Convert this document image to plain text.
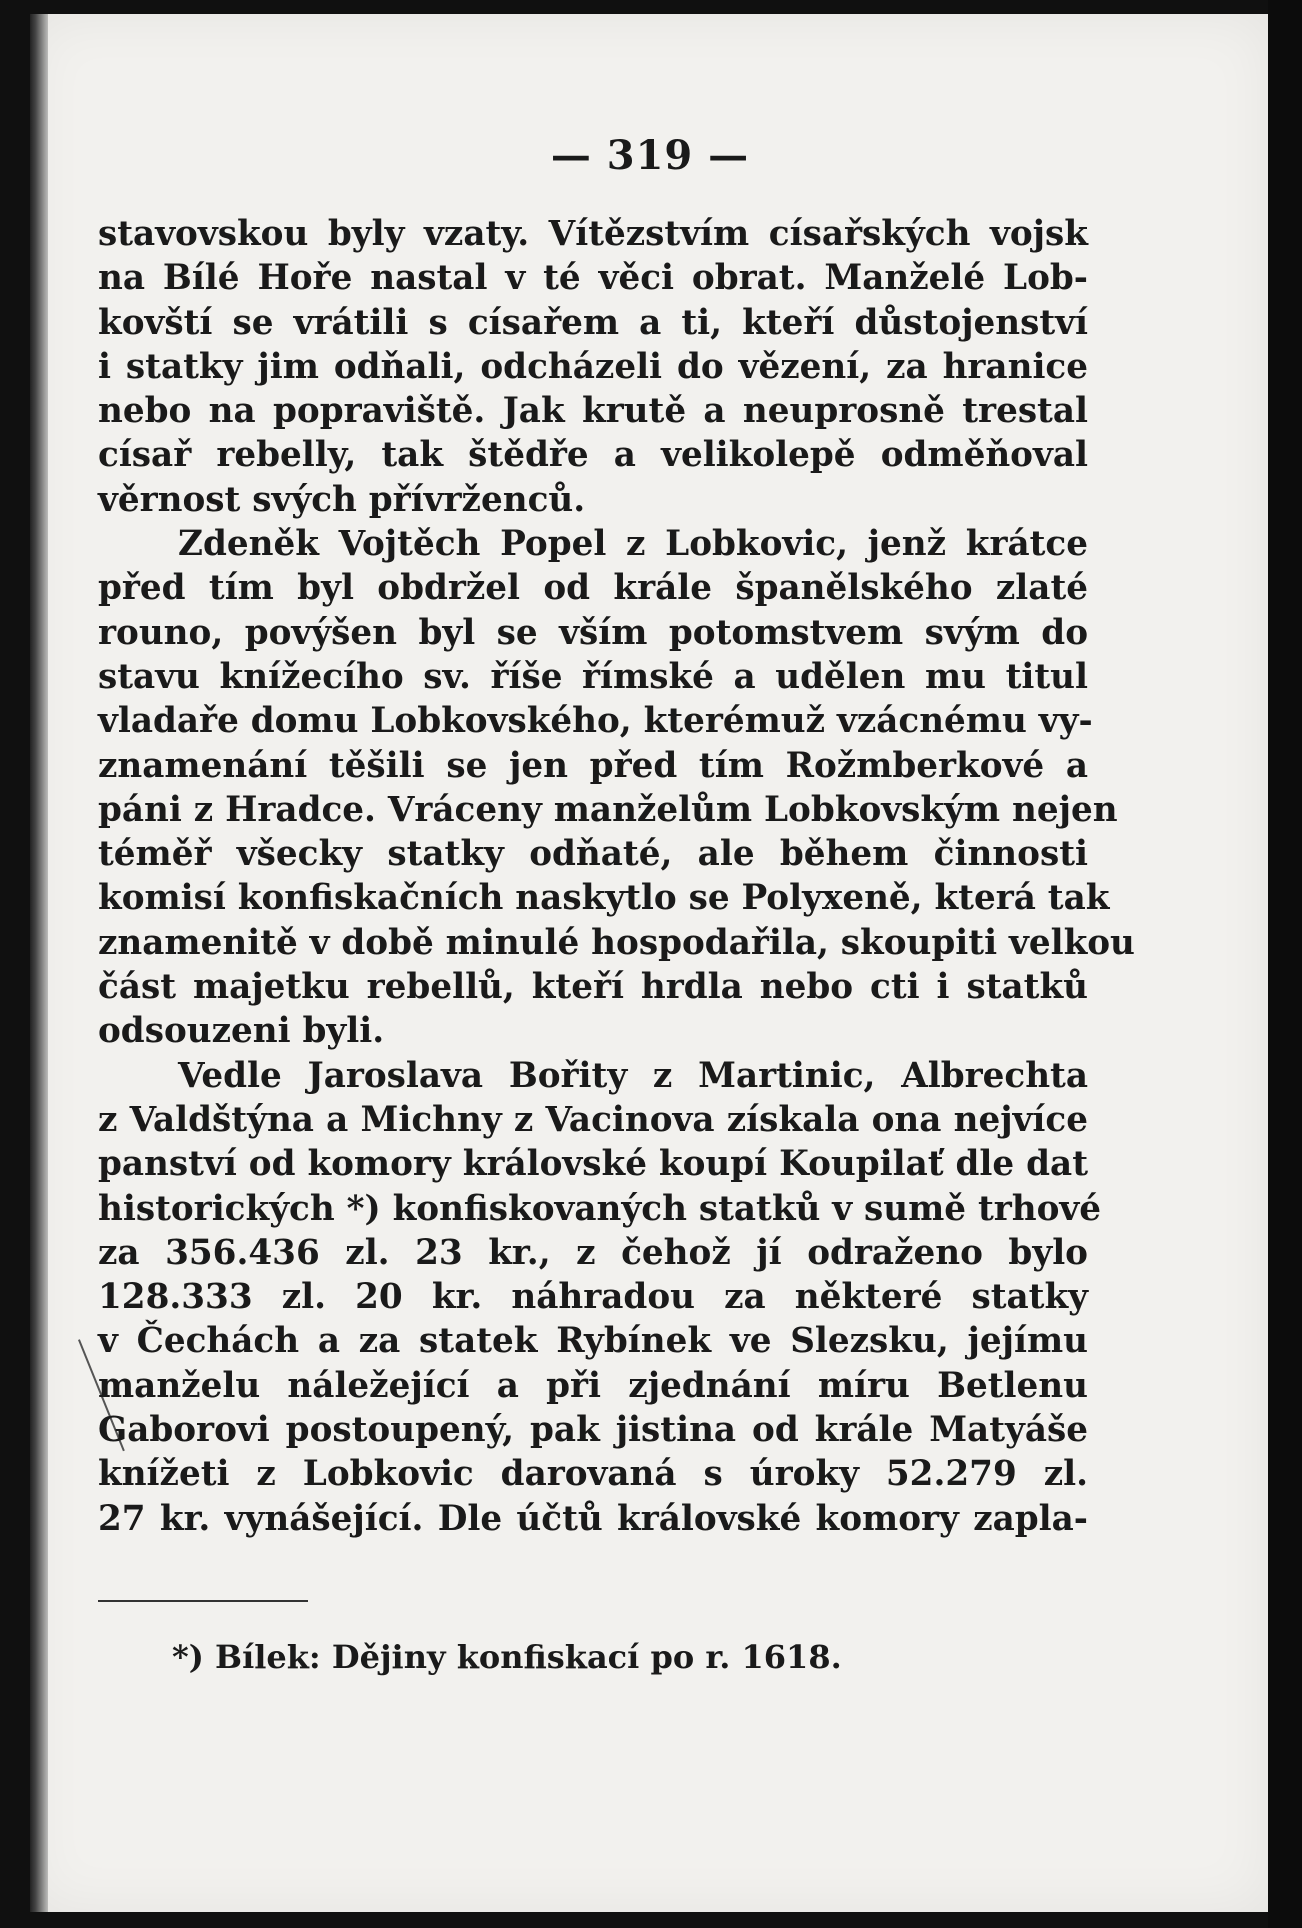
— 319 —
stavovskou byly vzaty. Vítězstvím císařských vojsk
na Bílé Hoře nastal v té věci obrat. Manželé Lob-
kovští se vrátili s císařem a ti, kteří důstojenství
i statky jim odňali, odcházeli do vězení, za hranice
nebo na popraviště. Jak krutě a neuprosně trestal
císař rebelly, tak štědře a velikolepě odměňoval
věrnost svých přívrženců.
Zdeněk Vojtěch Popel z Lobkovic, jenž krátce
před tím byl obdržel od krále španělského zlaté
rouno, povýšen byl se vším potomstvem svým do
stavu knížecího sv. říše římské a udělen mu titul
vladaře domu Lobkovského, kterémuž vzácnému vy-
znamenání těšili se jen před tím Rožmberkové a
páni z Hradce. Vráceny manželům Lobkovským nejen
téměř všecky statky odňaté, ale během činnosti
komisí konfiskačních naskytlo se Polyxeně, která tak
znamenitě v době minulé hospodařila, skoupiti velkou
část majetku rebellů, kteří hrdla nebo cti i statků
odsouzeni byli.
Vedle Jaroslava Bořity z Martinic, Albrechta
z Valdštýna a Michny z Vacinova získala ona nejvíce
panství od komory královské koupí Koupilať dle dat
historických *) konfiskovaných statků v sumě trhové
za 356.436 zl. 23 kr., z čehož jí odraženo bylo
128.333 zl. 20 kr. náhradou za některé statky
v Čechách a za statek Rybínek ve Slezsku, jejímu
manželu náležející a při zjednání míru Betlenu
Gaborovi postoupený, pak jistina od krále Matyáše
knížeti z Lobkovic darovaná s úroky 52.279 zl.
27 kr. vynášející. Dle účtů královské komory zapla-
*) Bílek: Dějiny konfiskací po r. 1618.
